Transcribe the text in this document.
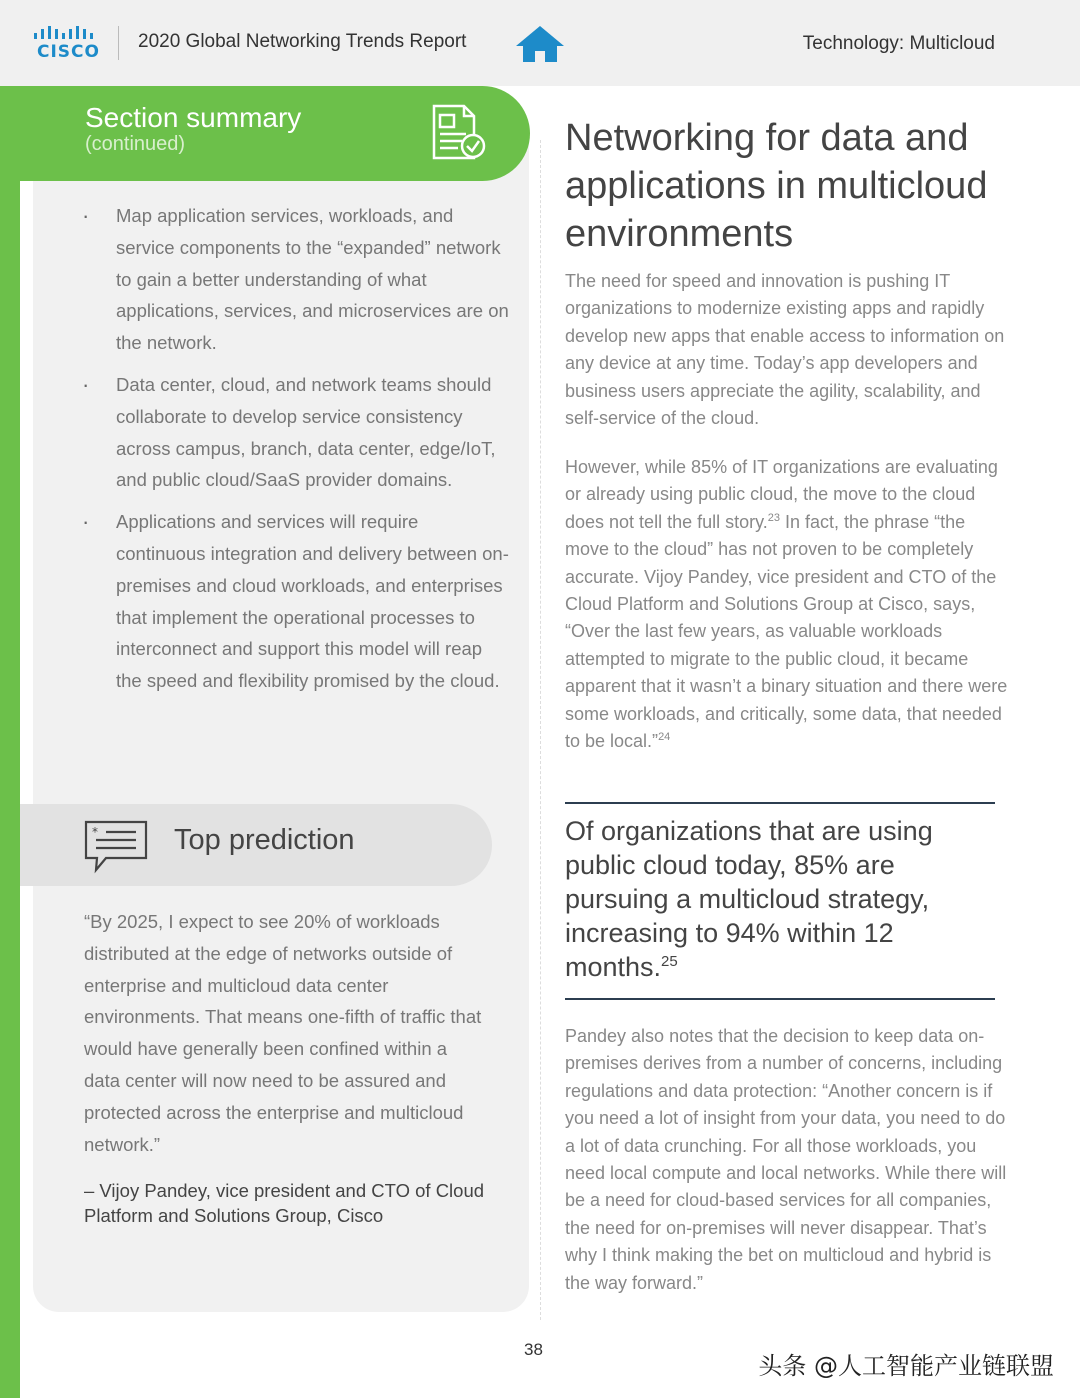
CISCO 2020 Global Networking Trends Report	Technology: Multicloud
Section summary
(continued)
· Map application services, workloads, and service components to the “expanded” network to gain a better understanding of what applications, services, and microservices are on the network.
· Data center, cloud, and network teams should collaborate to develop service consistency across campus, branch, data center, edge/IoT, and public cloud/SaaS provider domains.
· Applications and services will require continuous integration and delivery between on-premises and cloud workloads, and enterprises that implement the operational processes to interconnect and support this model will reap the speed and flexibility promised by the cloud.
*	Top prediction
“By 2025, I expect to see 20% of workloads distributed at the edge of networks outside of enterprise and multicloud data center environments. That means one-fifth of traffic that would have generally been confined within a data center will now need to be assured and protected across the enterprise and multicloud network.”
– Vijoy Pandey, vice president and CTO of Cloud Platform and Solutions Group, Cisco
Networking for data and applications in multicloud environments
The need for speed and innovation is pushing IT organizations to modernize existing apps and rapidly develop new apps that enable access to information on any device at any time. Today’s app developers and business users appreciate the agility, scalability, and self-service of the cloud.
However, while 85% of IT organizations are evaluating or already using public cloud, the move to the cloud does not tell the full story.$^{23}$ In fact, the phrase “the move to the cloud” has not proven to be completely accurate. Vijoy Pandey, vice president and CTO of the Cloud Platform and Solutions Group at Cisco, says, “Over the last few years, as valuable workloads attempted to migrate to the public cloud, it became apparent that it wasn’t a binary situation and there were some workloads, and critically, some data, that needed to be local.”$^{24}$
Of organizations that are using public cloud today, 85% are pursuing a multicloud strategy, increasing to 94% within 12 months.$^{25}$
Pandey also notes that the decision to keep data on-premises derives from a number of concerns, including regulations and data protection: “Another concern is if you need a lot of insight from your data, you need to do a lot of data crunching. For all those workloads, you need local compute and local networks. While there will be a need for cloud-based services for all companies, the need for on-premises will never disappear. That’s why I think making the bet on multicloud and hybrid is the way forward.”
38
头条 @人工智能产业链联盟
